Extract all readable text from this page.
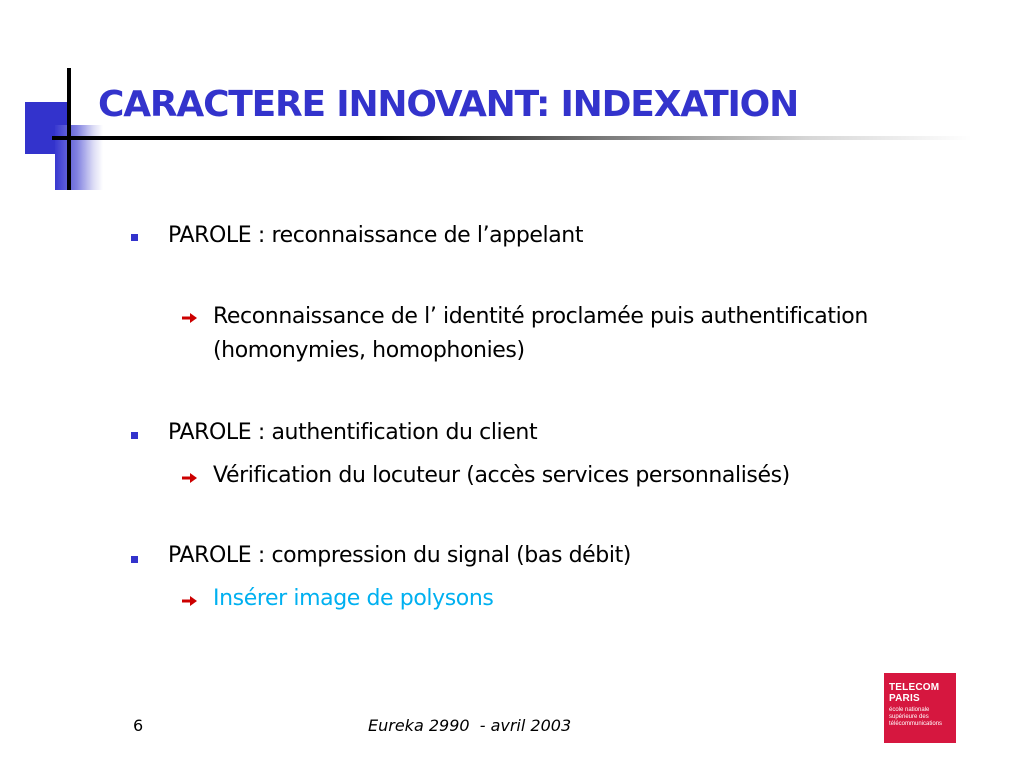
CARACTERE INNOVANT: INDEXATION
PAROLE : reconnaissance de l’appelant
Reconnaissance de l’ identité proclamée puis authentification
(homonymies, homophonies)
PAROLE : authentification du client
Vérification du locuteur (accès services personnalisés)
PAROLE : compression du signal (bas débit)
Insérer image de polysons
6	Eureka 2990  - avril 2003
TELECOM
PARIS
école nationale
supérieure des
télécommunications
